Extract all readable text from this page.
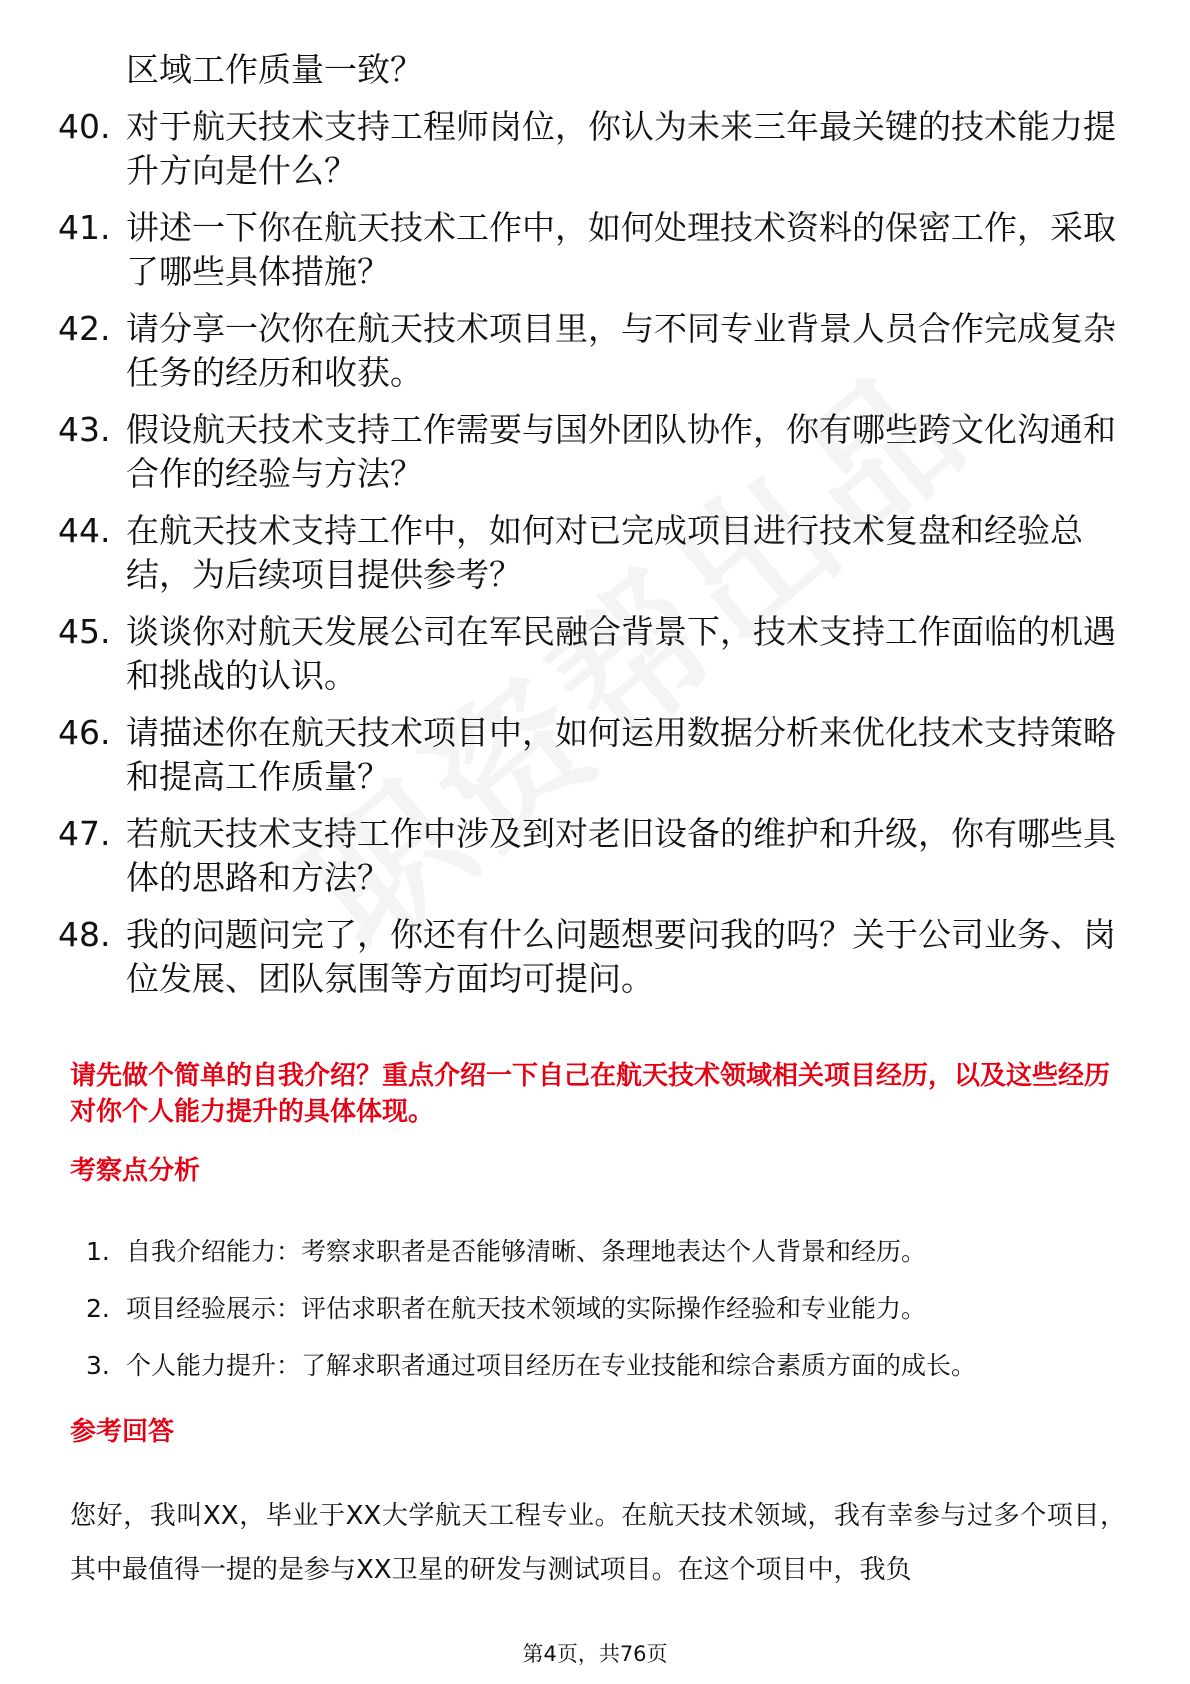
区域工作质量一致？
40. 对于航天技术支持工程师岗位，你认为未来三年最关键的技术能力提升方向是什么？
41. 讲述一下你在航天技术工作中，如何处理技术资料的保密工作，采取了哪些具体措施？
42. 请分享一次你在航天技术项目里，与不同专业背景人员合作完成复杂任务的经历和收获。
43. 假设航天技术支持工作需要与国外团队协作，你有哪些跨文化沟通和合作的经验与方法？
44. 在航天技术支持工作中，如何对已完成项目进行技术复盘和经验总结，为后续项目提供参考？
45. 谈谈你对航天发展公司在军民融合背景下，技术支持工作面临的机遇和挑战的认识。
46. 请描述你在航天技术项目中，如何运用数据分析来优化技术支持策略和提高工作质量？
47. 若航天技术支持工作中涉及到对老旧设备的维护和升级，你有哪些具体的思路和方法？
48. 我的问题问完了，你还有什么问题想要问我的吗？关于公司业务、岗位发展、团队氛围等方面均可提问。
请先做个简单的自我介绍？重点介绍一下自己在航天技术领域相关项目经历，以及这些经历对你个人能力提升的具体体现。
考察点分析
1. 自我介绍能力：考察求职者是否能够清晰、条理地表达个人背景和经历。
2. 项目经验展示：评估求职者在航天技术领域的实际操作经验和专业能力。
3. 个人能力提升：了解求职者通过项目经历在专业技能和综合素质方面的成长。
参考回答
您好，我叫XX，毕业于XX大学航天工程专业。在航天技术领域，我有幸参与过多个项目，其中最值得一提的是参与XX卫星的研发与测试项目。在这个项目中，我负
第4页，共76页
